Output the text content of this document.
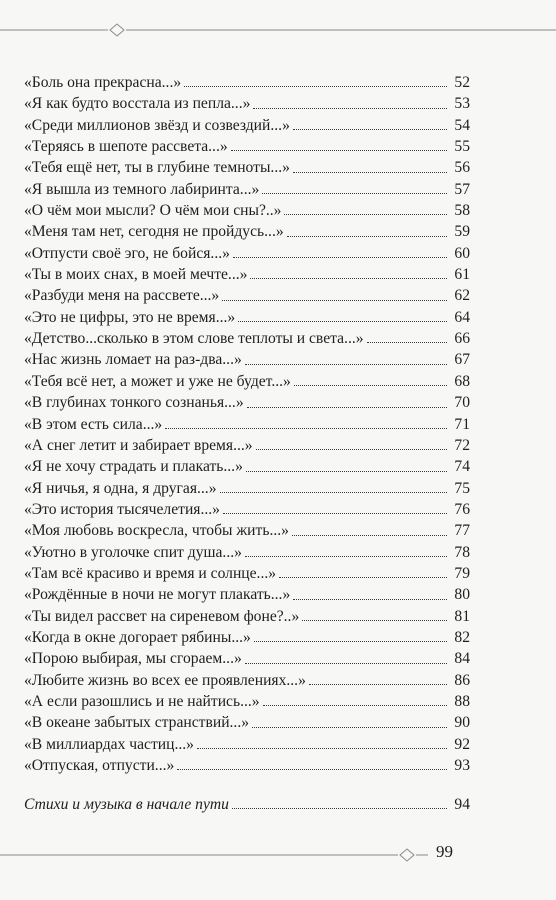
«Боль она прекрасна...»	52
«Я как будто восстала из пепла...»	53
«Среди миллионов звёзд и созвездий...»	54
«Теряясь в шепоте рассвета...»	55
«Тебя ещё нет, ты в глубине темноты...»	56
«Я вышла из темного лабиринта...»	57
«О чём мои мысли? О чём мои сны?..»	58
«Меня там нет, сегодня не пройдусь...»	59
«Отпусти своё эго, не бойся...»	60
«Ты в моих снах, в моей мечте...»	61
«Разбуди меня на рассвете...»	62
«Это не цифры, это не время...»	64
«Детство...сколько в этом слове теплоты и света...»	66
«Нас жизнь ломает на раз-два...»	67
«Тебя всё нет, а может и уже не будет...»	68
«В глубинах тонкого сознанья...»	70
«В этом есть сила...»	71
«А снег летит и забирает время...»	72
«Я не хочу страдать и плакать...»	74
«Я ничья, я одна, я другая...»	75
«Это история тысячелетия...»	76
«Моя любовь воскресла, чтобы жить...»	77
«Уютно в уголочке спит душа...»	78
«Там всё красиво и время и солнце...»	79
«Рождённые в ночи не могут плакать...»	80
«Ты видел рассвет на сиреневом фоне?..»	81
«Когда в окне догорает рябины...»	82
«Порою выбирая, мы сгораем...»	84
«Любите жизнь во всех ее проявлениях...»	86
«А если разошлись и не найтись...»	88
«В океане забытых странствий...»	90
«В миллиардах частиц...»	92
«Отпуская, отпусти...»	93
Стихи и музыка в начале пути	94
99
